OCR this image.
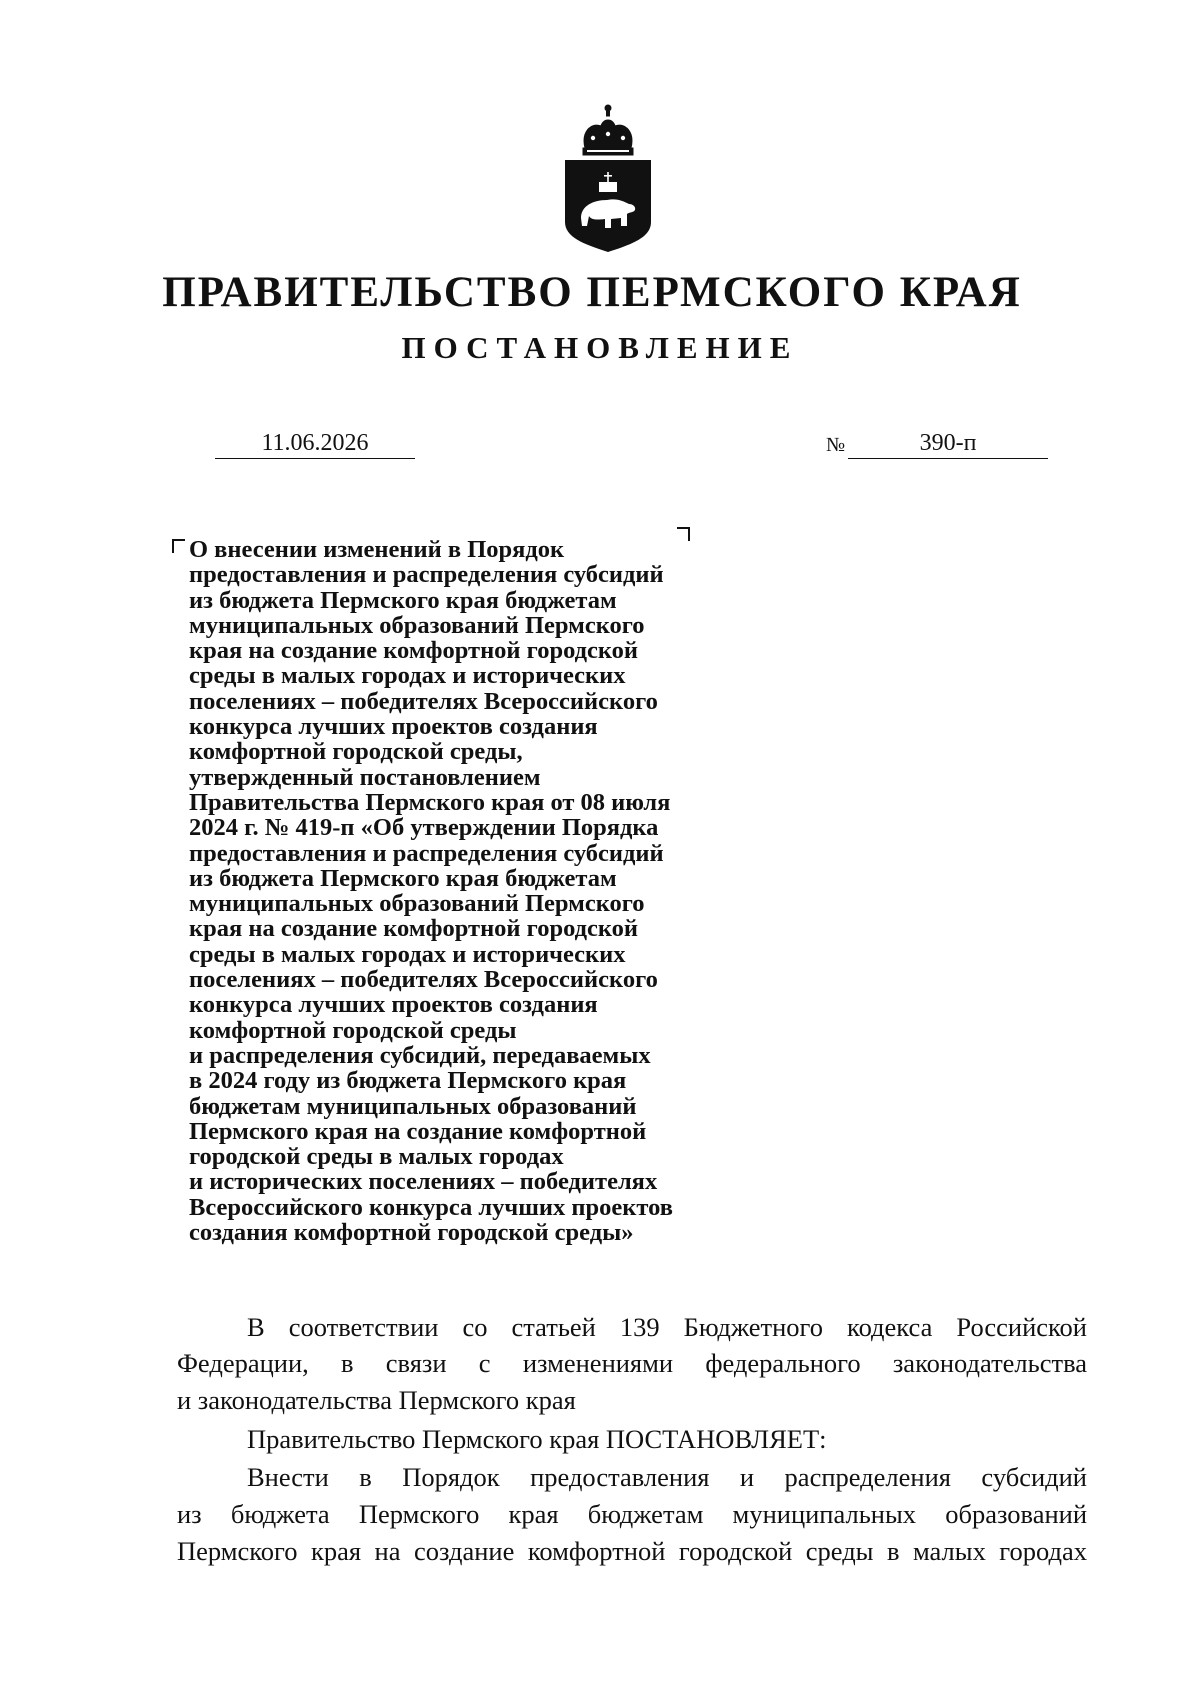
ПРАВИТЕЛЬСТВО ПЕРМСКОГО КРАЯ
ПОСТАНОВЛЕНИЕ
11.06.2026	№	390-п
О внесении изменений в Порядок
предоставления и распределения субсидий
из бюджета Пермского края бюджетам
муниципальных образований Пермского
края на создание комфортной городской
среды в малых городах и исторических
поселениях – победителях Всероссийского
конкурса лучших проектов создания
комфортной городской среды,
утвержденный постановлением
Правительства Пермского края от 08 июля
2024 г. № 419-п «Об утверждении Порядка
предоставления и распределения субсидий
из бюджета Пермского края бюджетам
муниципальных образований Пермского
края на создание комфортной городской
среды в малых городах и исторических
поселениях – победителях Всероссийского
конкурса лучших проектов создания
комфортной городской среды
и распределения субсидий, передаваемых
в 2024 году из бюджета Пермского края
бюджетам муниципальных образований
Пермского края на создание комфортной
городской среды в малых городах
и исторических поселениях – победителях
Всероссийского конкурса лучших проектов
создания комфортной городской среды»
В соответствии со статьей 139 Бюджетного кодекса Российской
Федерации, в связи с изменениями федерального законодательства
и законодательства Пермского края
Правительство Пермского края ПОСТАНОВЛЯЕТ:
Внести в Порядок предоставления и распределения субсидий
из бюджета Пермского края бюджетам муниципальных образований
Пермского края на создание комфортной городской среды в малых городах
